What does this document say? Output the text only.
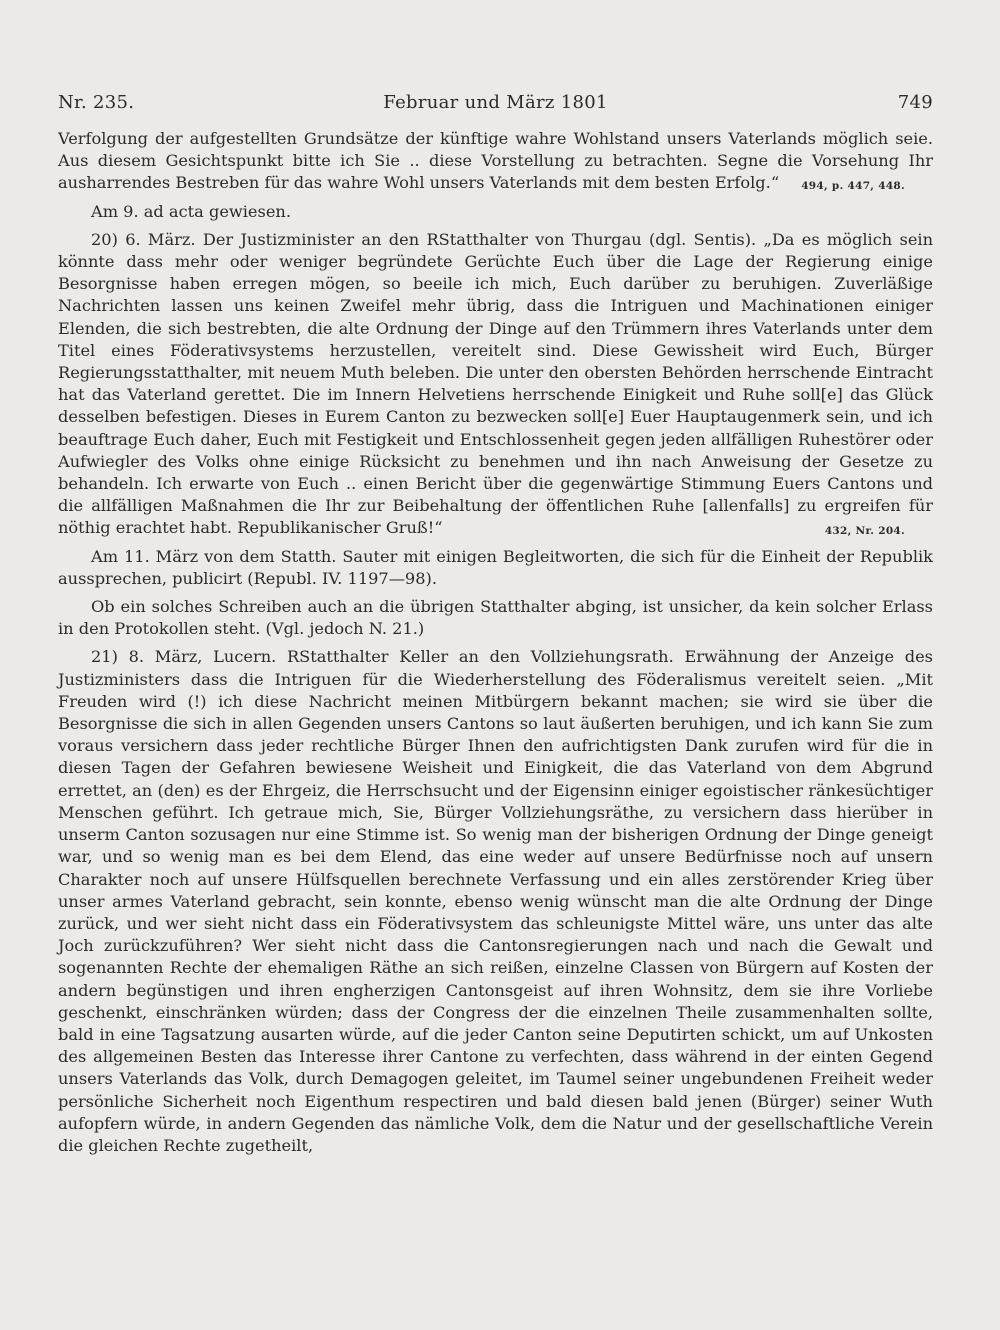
Nr. 235.	Februar und März 1801	749

Verfolgung der aufgestellten Grundsätze der künftige wahre Wohlstand unsers Vaterlands möglich seie. Aus diesem Gesichtspunkt bitte ich Sie .. diese Vorstellung zu betrachten. Segne die Vorsehung Ihr ausharrendes Bestreben für das wahre Wohl unsers Vaterlands mit dem besten Erfolg.“ 494, p. 447, 448.

Am 9. ad acta gewiesen.

20) 6. März. Der Justizminister an den RStatthalter von Thurgau (dgl. Sentis). „Da es möglich sein könnte dass mehr oder weniger begründete Gerüchte Euch über die Lage der Regierung einige Besorgnisse haben erregen mögen, so beeile ich mich, Euch darüber zu beruhigen. Zuverläßige Nachrichten lassen uns keinen Zweifel mehr übrig, dass die Intriguen und Machinationen einiger Elenden, die sich bestrebten, die alte Ordnung der Dinge auf den Trümmern ihres Vaterlands unter dem Titel eines Föderativsystems herzustellen, vereitelt sind. Diese Gewissheit wird Euch, Bürger Regierungsstatthalter, mit neuem Muth beleben. Die unter den obersten Behörden herrschende Eintracht hat das Vaterland gerettet. Die im Innern Helvetiens herrschende Einigkeit und Ruhe soll[e] das Glück desselben befestigen. Dieses in Eurem Canton zu bezwecken soll[e] Euer Hauptaugenmerk sein, und ich beauftrage Euch daher, Euch mit Festigkeit und Entschlossenheit gegen jeden allfälligen Ruhestörer oder Aufwiegler des Volks ohne einige Rücksicht zu benehmen und ihn nach Anweisung der Gesetze zu behandeln. Ich erwarte von Euch .. einen Bericht über die gegenwärtige Stimmung Euers Cantons und die allfälligen Maßnahmen die Ihr zur Beibehaltung der öffentlichen Ruhe [allenfalls] zu ergreifen für nöthig erachtet habt. Republikanischer Gruß!“	432, Nr. 204.

Am 11. März von dem Statth. Sauter mit einigen Begleitworten, die sich für die Einheit der Republik aussprechen, publicirt (Republ. IV. 1197—98).

Ob ein solches Schreiben auch an die übrigen Statthalter abging, ist unsicher, da kein solcher Erlass in den Protokollen steht. (Vgl. jedoch N. 21.)

21) 8. März, Lucern. RStatthalter Keller an den Vollziehungsrath. Erwähnung der Anzeige des Justizministers dass die Intriguen für die Wiederherstellung des Föderalismus vereitelt seien. „Mit Freuden wird (!) ich diese Nachricht meinen Mitbürgern bekannt machen; sie wird sie über die Besorgnisse die sich in allen Gegenden unsers Cantons so laut äußerten beruhigen, und ich kann Sie zum voraus versichern dass jeder rechtliche Bürger Ihnen den aufrichtigsten Dank zurufen wird für die in diesen Tagen der Gefahren bewiesene Weisheit und Einigkeit, die das Vaterland von dem Abgrund errettet, an (den) es der Ehrgeiz, die Herrschsucht und der Eigensinn einiger egoistischer ränkesüchtiger Menschen geführt. Ich getraue mich, Sie, Bürger Vollziehungsräthe, zu versichern dass hierüber in unserm Canton sozusagen nur eine Stimme ist. So wenig man der bisherigen Ordnung der Dinge geneigt war, und so wenig man es bei dem Elend, das eine weder auf unsere Bedürfnisse noch auf unsern Charakter noch auf unsere Hülfsquellen berechnete Verfassung und ein alles zerstörender Krieg über unser armes Vaterland gebracht, sein konnte, ebenso wenig wünscht man die alte Ordnung der Dinge zurück, und wer sieht nicht dass ein Föderativsystem das schleunigste Mittel wäre, uns unter das alte Joch zurückzuführen? Wer sieht nicht dass die Cantonsregierungen nach und nach die Gewalt und sogenannten Rechte der ehemaligen Räthe an sich reißen, einzelne Classen von Bürgern auf Kosten der andern begünstigen und ihren engherzigen Cantonsgeist auf ihren Wohnsitz, dem sie ihre Vorliebe geschenkt, einschränken würden; dass der Congress der die einzelnen Theile zusammenhalten sollte, bald in eine Tagsatzung ausarten würde, auf die jeder Canton seine Deputirten schickt, um auf Unkosten des allgemeinen Besten das Interesse ihrer Cantone zu verfechten, dass während in der einten Gegend unsers Vaterlands das Volk, durch Demagogen geleitet, im Taumel seiner ungebundenen Freiheit weder persönliche Sicherheit noch Eigenthum respectiren und bald diesen bald jenen (Bürger) seiner Wuth aufopfern würde, in andern Gegenden das nämliche Volk, dem die Natur und der gesellschaftliche Verein die gleichen Rechte zugetheilt,
